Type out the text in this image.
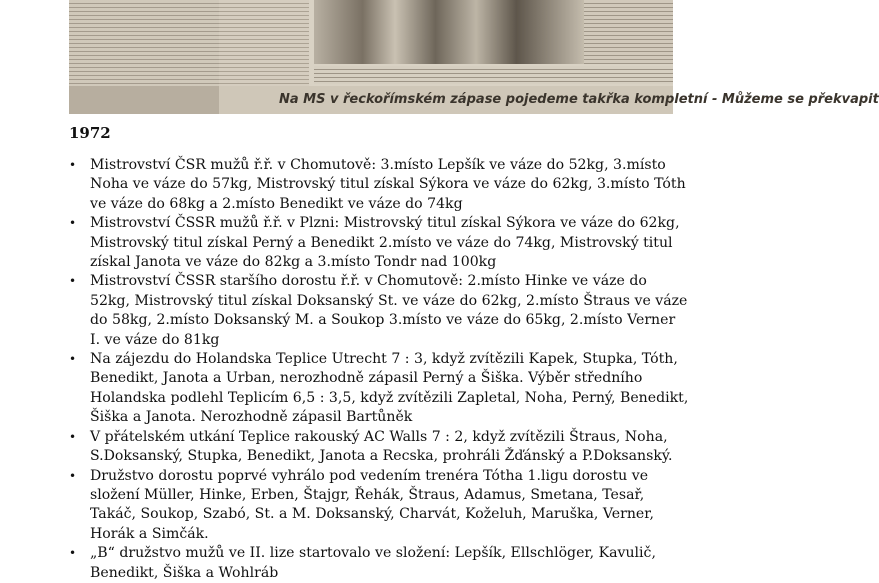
Na MS v řeckořímském zápase pojedeme takřka kompletní - Můžeme se překvapit
1972
• Mistrovství ČSR mužů ř.ř. v Chomutově: 3.místo Lepšík ve váze do 52kg, 3.místo Noha ve váze do 57kg, Mistrovský titul získal Sýkora ve váze do 62kg, 3.místo Tóth ve váze do 68kg a 2.místo Benedikt ve váze do 74kg
• Mistrovství ČSSR mužů ř.ř. v Plzni: Mistrovský titul získal Sýkora ve váze do 62kg, Mistrovský titul získal Perný a Benedikt 2.místo ve váze do 74kg, Mistrovský titul získal Janota ve váze do 82kg a 3.místo Tondr nad 100kg
• Mistrovství ČSSR staršího dorostu ř.ř. v Chomutově: 2.místo Hinke ve váze do 52kg, Mistrovský titul získal Doksanský St. ve váze do 62kg, 2.místo Štraus ve váze do 58kg, 2.místo Doksanský M. a Soukop 3.místo ve váze do 65kg, 2.místo Verner I. ve váze do 81kg
• Na zájezdu do Holandska Teplice Utrecht 7 : 3, když zvítězili Kapek, Stupka, Tóth, Benedikt, Janota a Urban, nerozhodně zápasil Perný a Šiška. Výběr středního Holandska podlehl Teplicím 6,5 : 3,5, když zvítězili Zapletal, Noha, Perný, Benedikt, Šiška a Janota. Nerozhodně zápasil Bartůněk
• V přátelském utkání Teplice rakouský AC Walls 7 : 2, když zvítězili Štraus, Noha, S.Doksanský, Stupka, Benedikt, Janota a Recska, prohráli Žďánský a P.Doksanský.
• Družstvo dorostu poprvé vyhrálo pod vedením trenéra Tótha 1.ligu dorostu ve složení Müller, Hinke, Erben, Štajgr, Řehák, Štraus, Adamus, Smetana, Tesař, Takáč, Soukop, Szabó, St. a M. Doksanský, Charvát, Koželuh, Maruška, Verner, Horák a Simčák.
• „B“ družstvo mužů ve II. lize startovalo ve složení: Lepšík, Ellschlöger, Kavulič, Benedikt, Šiška a Wohlráb
